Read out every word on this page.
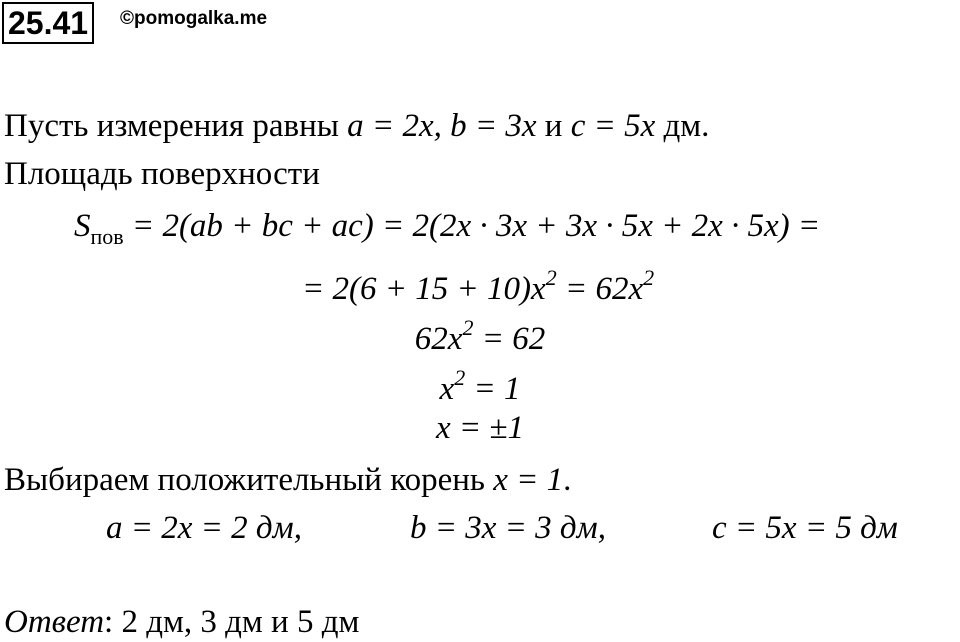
25.41	©pomogalka.me
Пусть измерения равны a = 2x, b = 3x и c = 5x дм.
Площадь поверхности
$S_{пов} = 2(ab$ + bc + ac) = 2(2x · 3x + 3x · 5x + 2x · 5x) =
= $2(6 + 15 + 10)x^2 = 62x^2$
$62x^2 = 62$
$x^2 = 1$
x = ±1
Выбираем положительный корень x = 1.
a = 2x = 2 дм,	b = 3x = 3 дм,	c = 5x = 5 дм
Ответ: 2 дм, 3 дм и 5 дм
